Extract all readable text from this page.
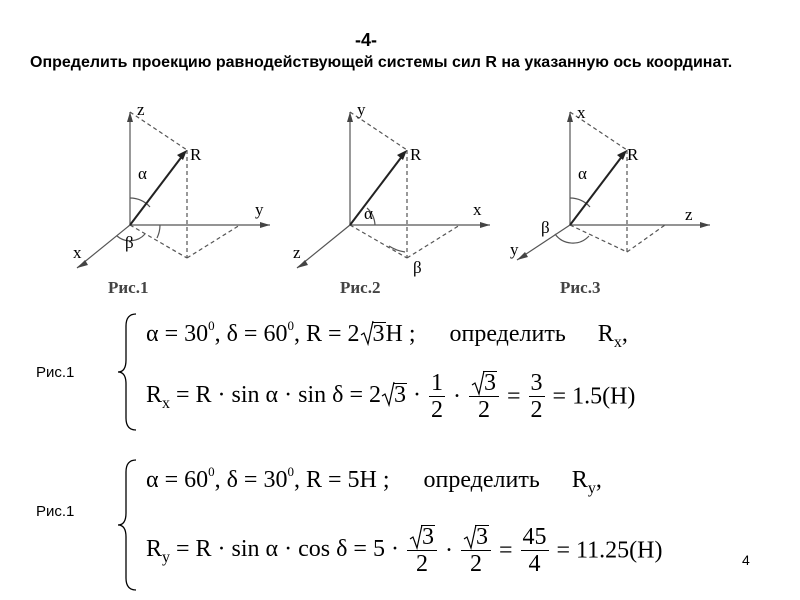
-4-
Определить проекцию равнодействующей системы сил R на указанную ось координат.
z
y
x
R
α
β
Рис.1
y
x
z
R
α
β
Рис.2
x
z
y
R
α
β
Рис.3
Рис.1
$\alpha = 30^0$, $\delta = 60^0$, R = 2 3H ; определить $R_x$,
$R_x = R \cdot \sin \alpha \cdot \sin \delta = 2$ $3 \cdot \frac{1}{2} \cdot \frac{3}{2} = \frac{3}{2} = 1.5(H)$
Рис.1
$\alpha = 60^0$, $\delta = 30^0$, R = 5H ; определить $R_y$,
$R_y = R \cdot \sin \alpha \cdot \cos \delta = 5 \cdot \frac{3}{2} \cdot \frac{3}{2} = \frac{45}{4} = 11.25(H)$	4
